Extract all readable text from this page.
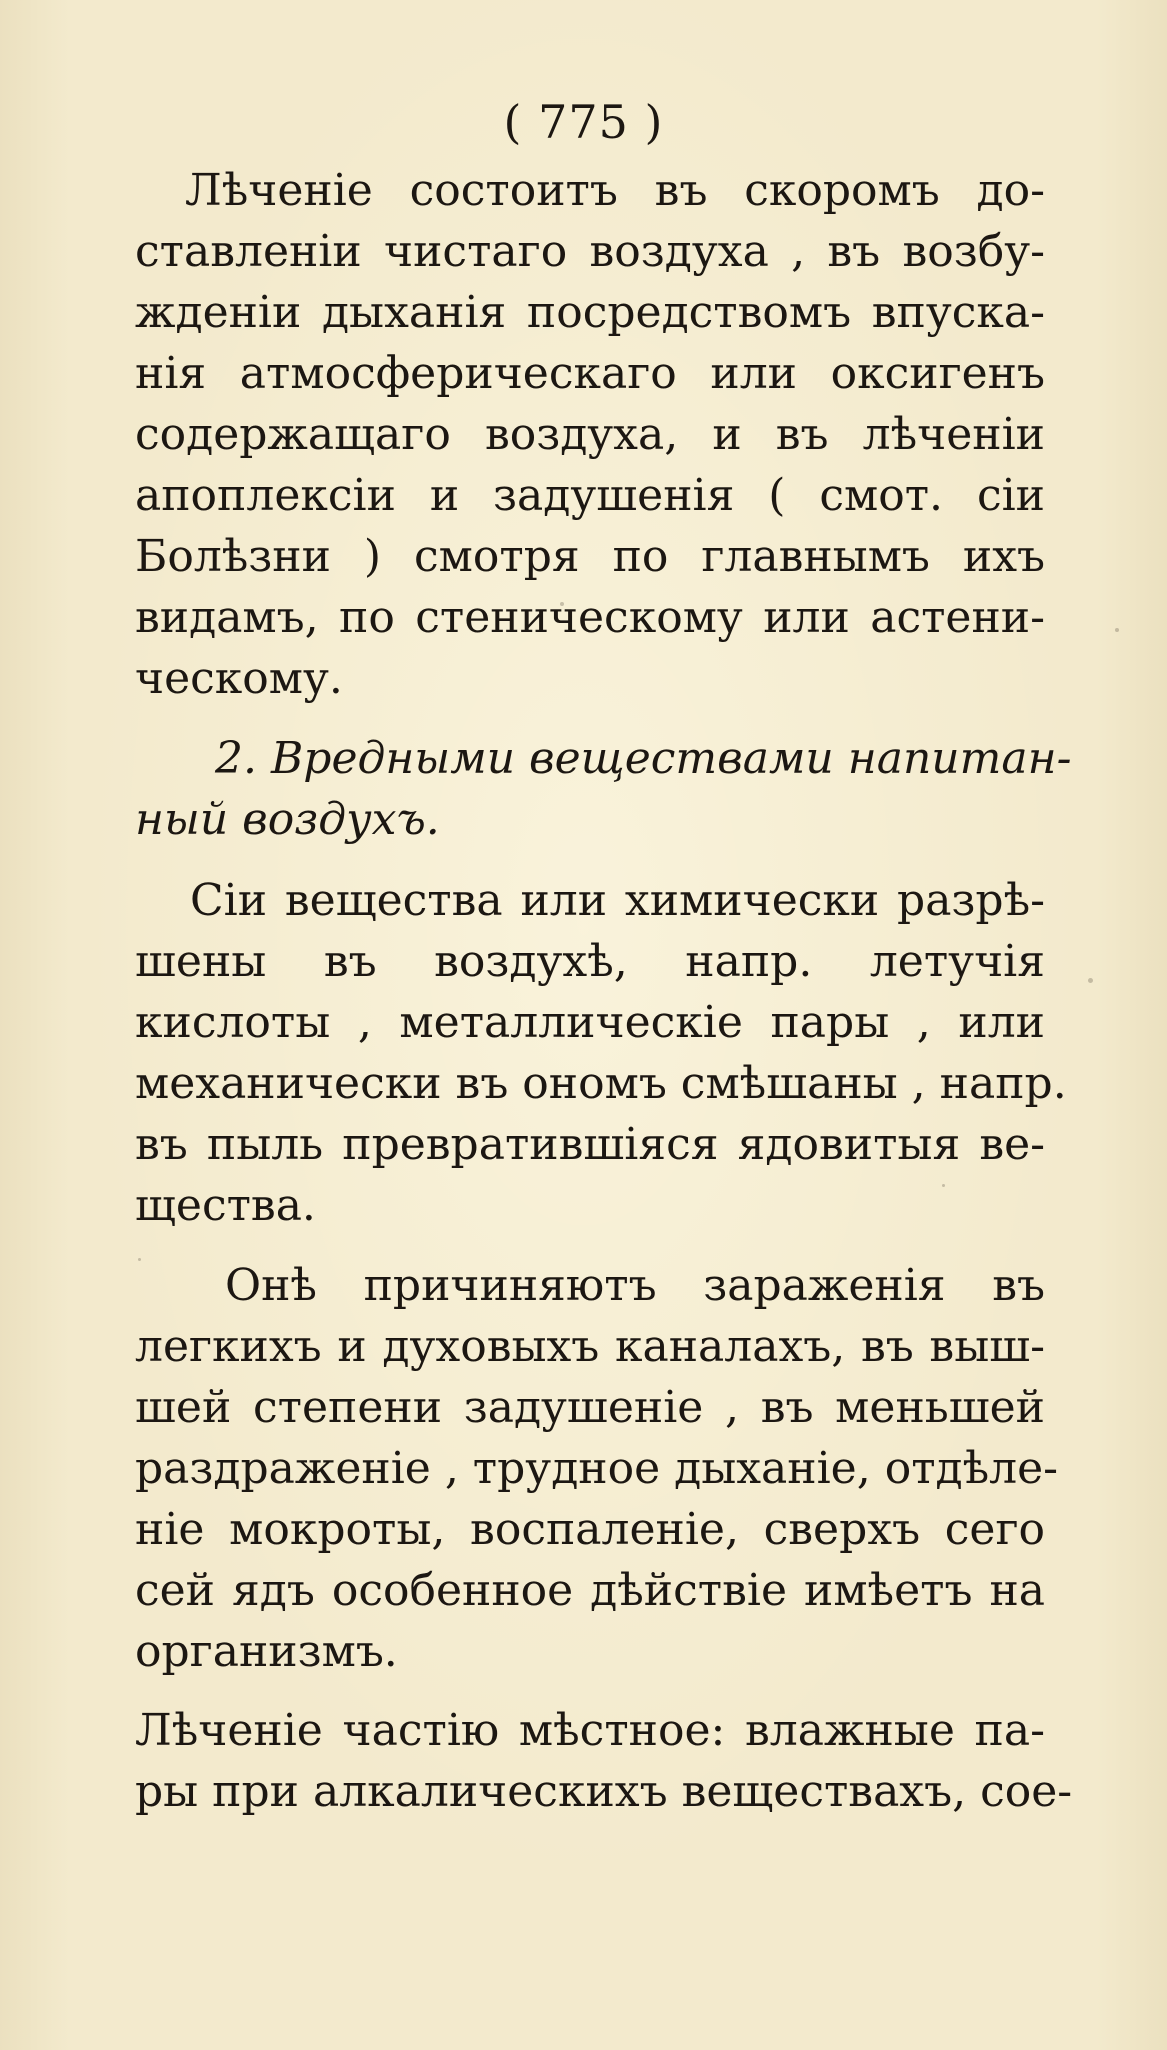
( 775 )
Лѣченіе состоитъ въ скоромъ до-
ставленіи чистаго воздуха , въ возбу-
жденіи дыханія посредствомъ впуска-
нія атмосферическаго или оксигенъ
содержащаго воздуха, и въ лѣченіи
апоплексіи и задушенія ( смот. сіи
Болѣзни ) смотря по главнымъ ихъ
видамъ, по стеническому или астени-
ческому.
2. Вредными веществами напитан-
ный воздухъ.
Сіи вещества или химически разрѣ-
шены въ воздухѣ, напр. летучія
кислоты , металлическіе пары , или
механически въ ономъ смѣшаны , напр.
въ пыль превратившіяся ядовитыя ве-
щества.
Онѣ причиняютъ зараженія въ
легкихъ и духовыхъ каналахъ, въ выш-
шей степени задушеніе , въ меньшей
раздраженіе , трудное дыханіе, отдѣле-
ніе мокроты, воспаленіе, сверхъ сего
сей ядъ особенное дѣйствіе имѣетъ на
организмъ.
Лѣченіе частію мѣстное: влажные па-
ры при алкалическихъ веществахъ, сое-
